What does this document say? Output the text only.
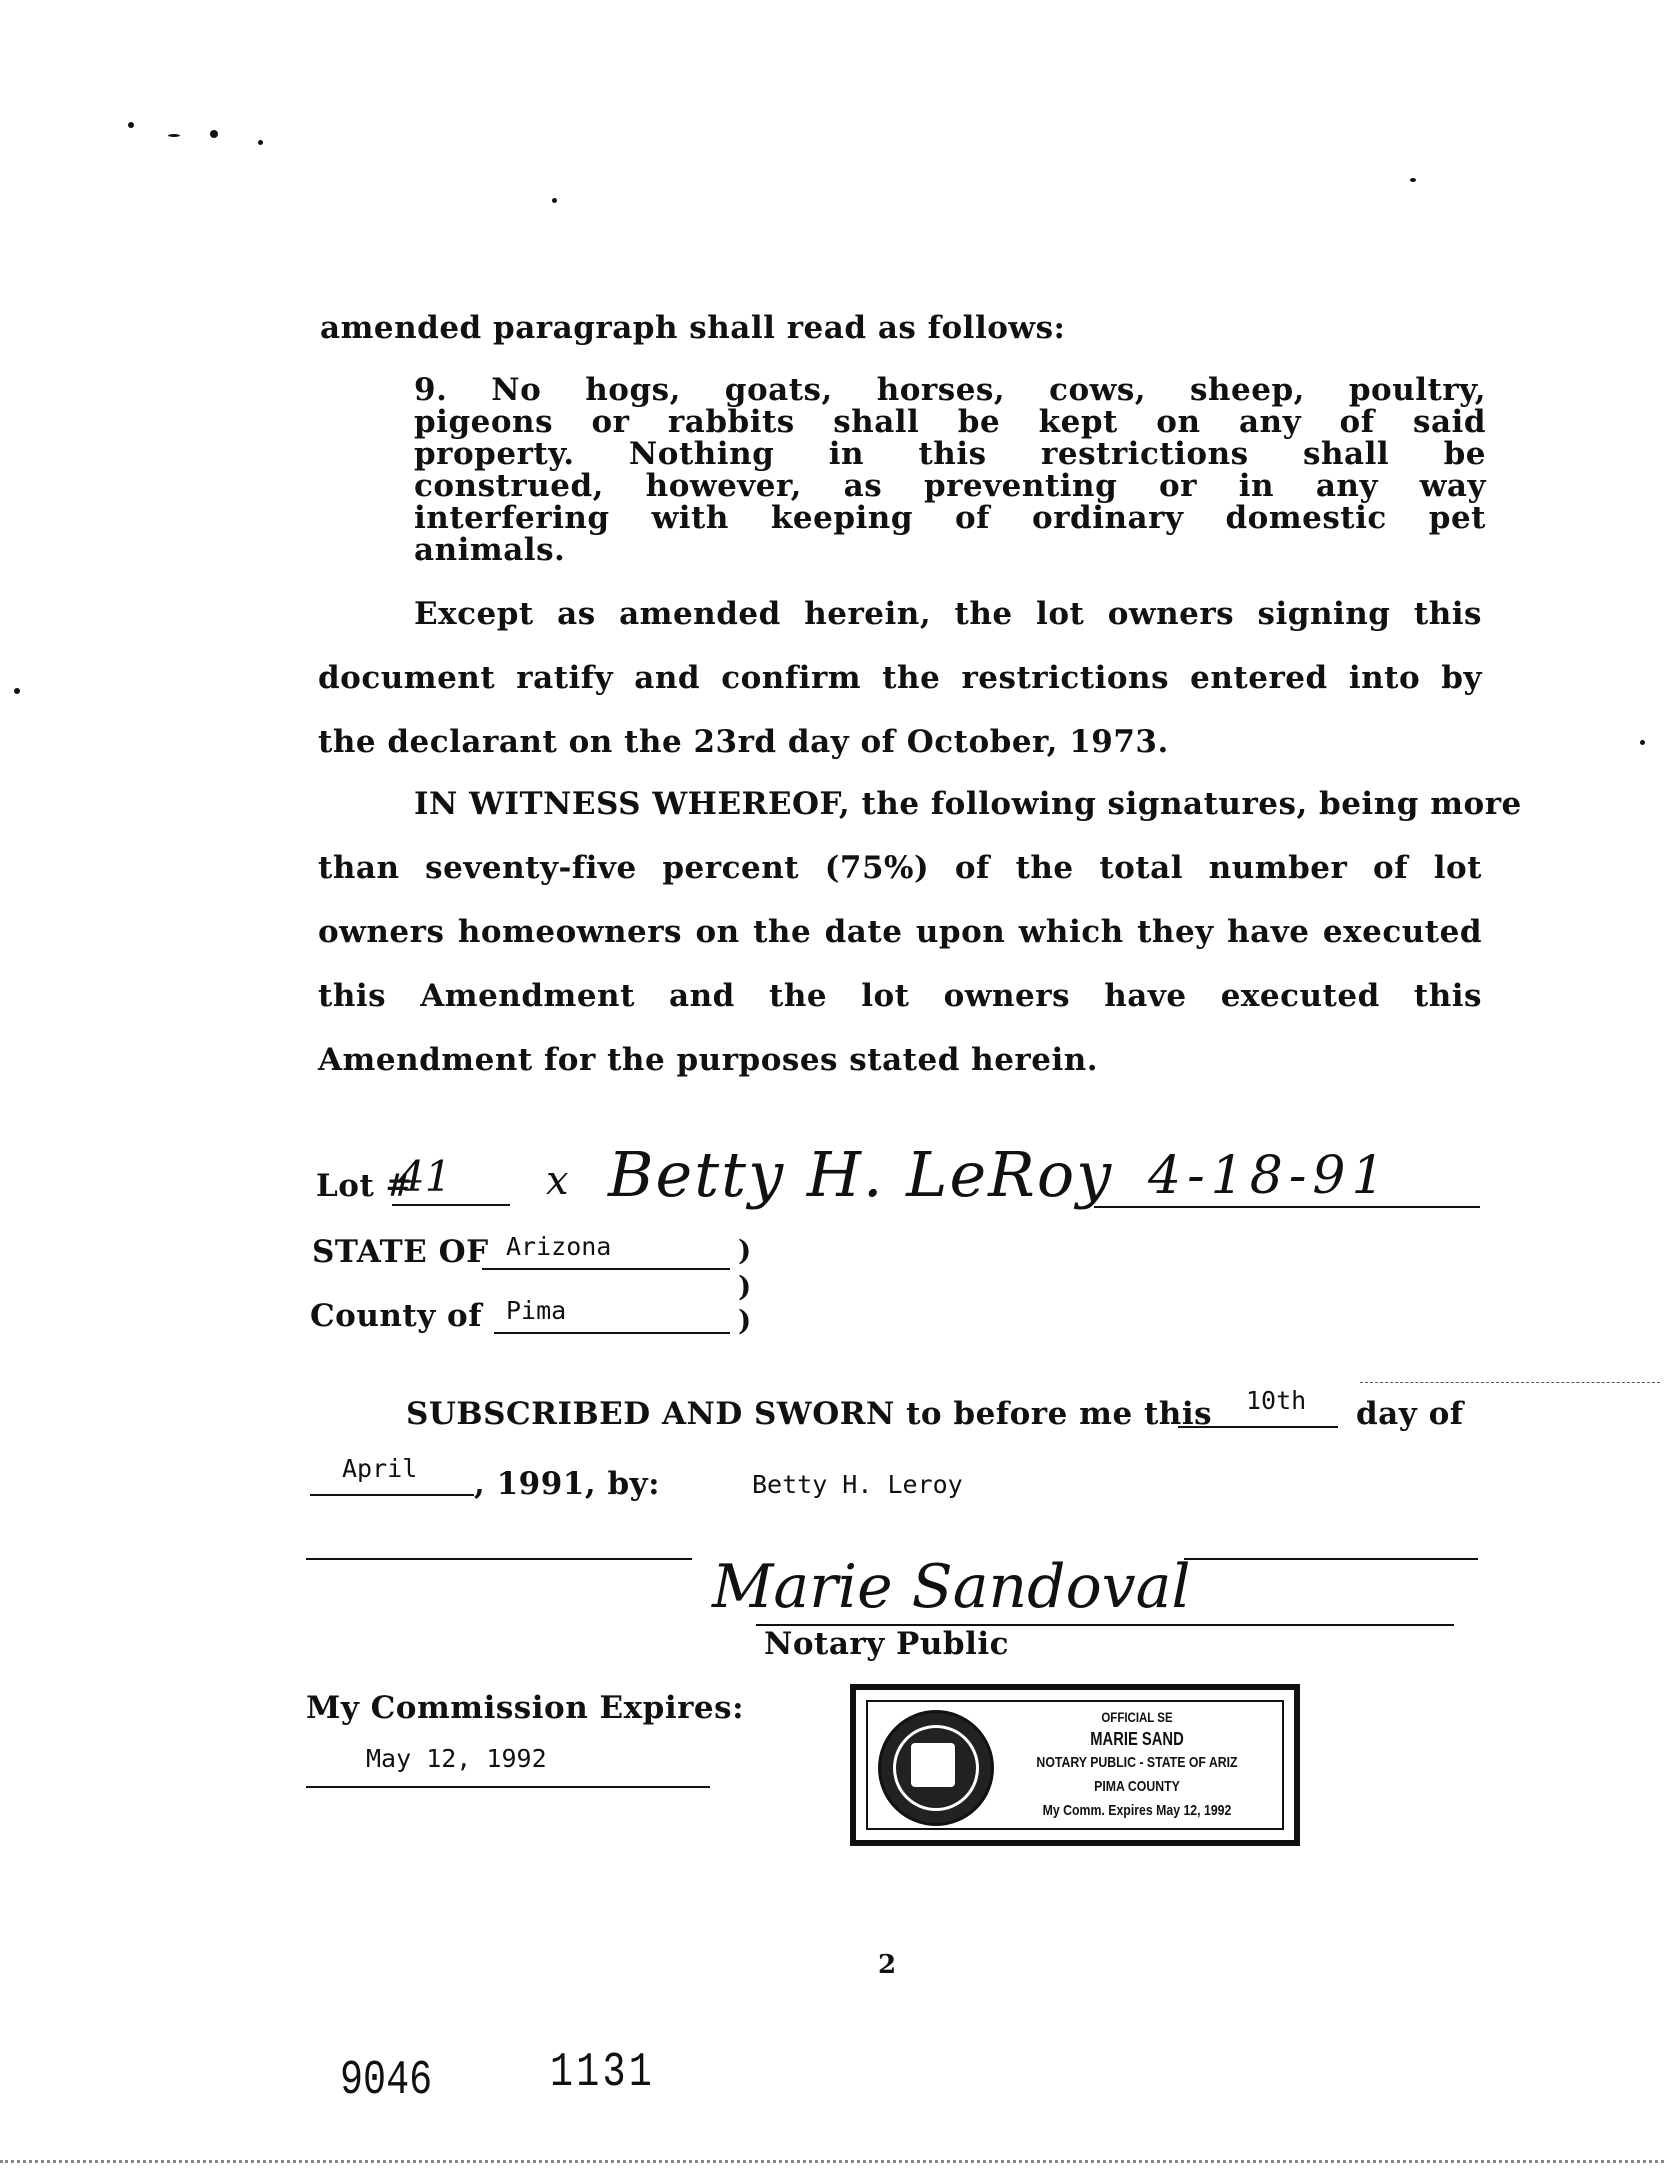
amended paragraph shall read as follows:
9. No hogs, goats, horses, cows, sheep, poultry,
pigeons or rabbits shall be kept on any of said
property. Nothing in this restrictions shall be
construed, however, as preventing or in any way
interfering with keeping of ordinary domestic pet
animals.
Except as amended herein, the lot owners signing this
document ratify and confirm the restrictions entered into by
the declarant on the 23rd day of October, 1973.
IN WITNESS WHEREOF, the following signatures, being more
than seventy-five percent (75%) of the total number of lot
owners homeowners on the date upon which they have executed
this Amendment and the lot owners have executed this
Amendment for the purposes stated herein.
Lot #
41 x Betty H. LeRoy 4-18-91
STATE OF Arizona	)
)
County of Pima	)
SUBSCRIBED AND SWORN to before me this 10th day of
April , 1991, by:	Betty H. Leroy
Marie Sandoval
Notary Public
My Commission Expires:
May 12, 1992
OFFICIAL SE
MARIE SAND
NOTARY PUBLIC - STATE OF ARIZ
PIMA COUNTY
My Comm. Expires May 12, 1992
2
9046 1131
